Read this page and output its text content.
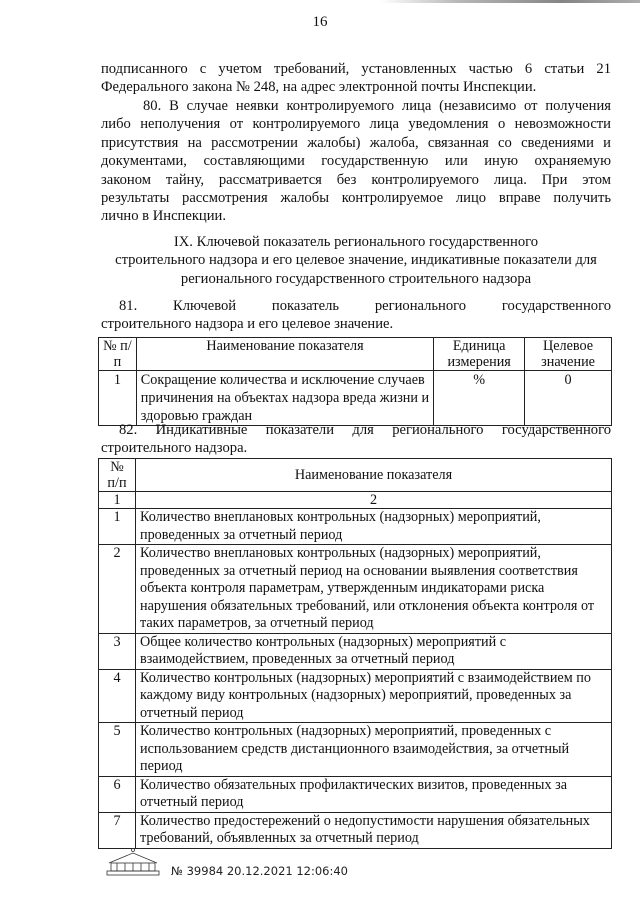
16
подписанного с учетом требований, установленных частью 6 статьи 21
Федерального закона № 248, на адрес электронной почты Инспекции.
80. В случае неявки контролируемого лица (независимо от получения
либо неполучения от контролируемого лица уведомления о невозможности
присутствия на рассмотрении жалобы) жалоба, связанная со сведениями и
документами, составляющими государственную или иную охраняемую
законом тайну, рассматривается без контролируемого лица. При этом
результаты рассмотрения жалобы контролируемое лицо вправе получить
лично в Инспекции.
IX. Ключевой показатель регионального государственного
строительного надзора и его целевое значение, индикативные показатели для
регионального государственного строительного надзора
81. Ключевой показатель регионального государственного
строительного надзора и его целевое значение.
№ п/п	Наименование показателя	Единица измерения	Целевое значение
1	Сокращение количества и исключение случаев причинения на объектах надзора вреда жизни и здоровью граждан	%	0
82. Индикативные показатели для регионального государственного
строительного надзора.
№ п/п	Наименование показателя
1	2
1	Количество внеплановых контрольных (надзорных) мероприятий, проведенных за отчетный период
2	Количество внеплановых контрольных (надзорных) мероприятий, проведенных за отчетный период на основании выявления соответствия объекта контроля параметрам, утвержденным индикаторами риска нарушения обязательных требований, или отклонения объекта контроля от таких параметров, за отчетный период
3	Общее количество контрольных (надзорных) мероприятий с взаимодействием, проведенных за отчетный период
4	Количество контрольных (надзорных) мероприятий с взаимодействием по каждому виду контрольных (надзорных) мероприятий, проведенных за отчетный период
5	Количество контрольных (надзорных) мероприятий, проведенных с использованием средств дистанционного взаимодействия, за отчетный период
6	Количество обязательных профилактических визитов, проведенных за отчетный период
7	Количество предостережений о недопустимости нарушения обязательных требований, объявленных за отчетный период
№ 39984 20.12.2021 12:06:40
